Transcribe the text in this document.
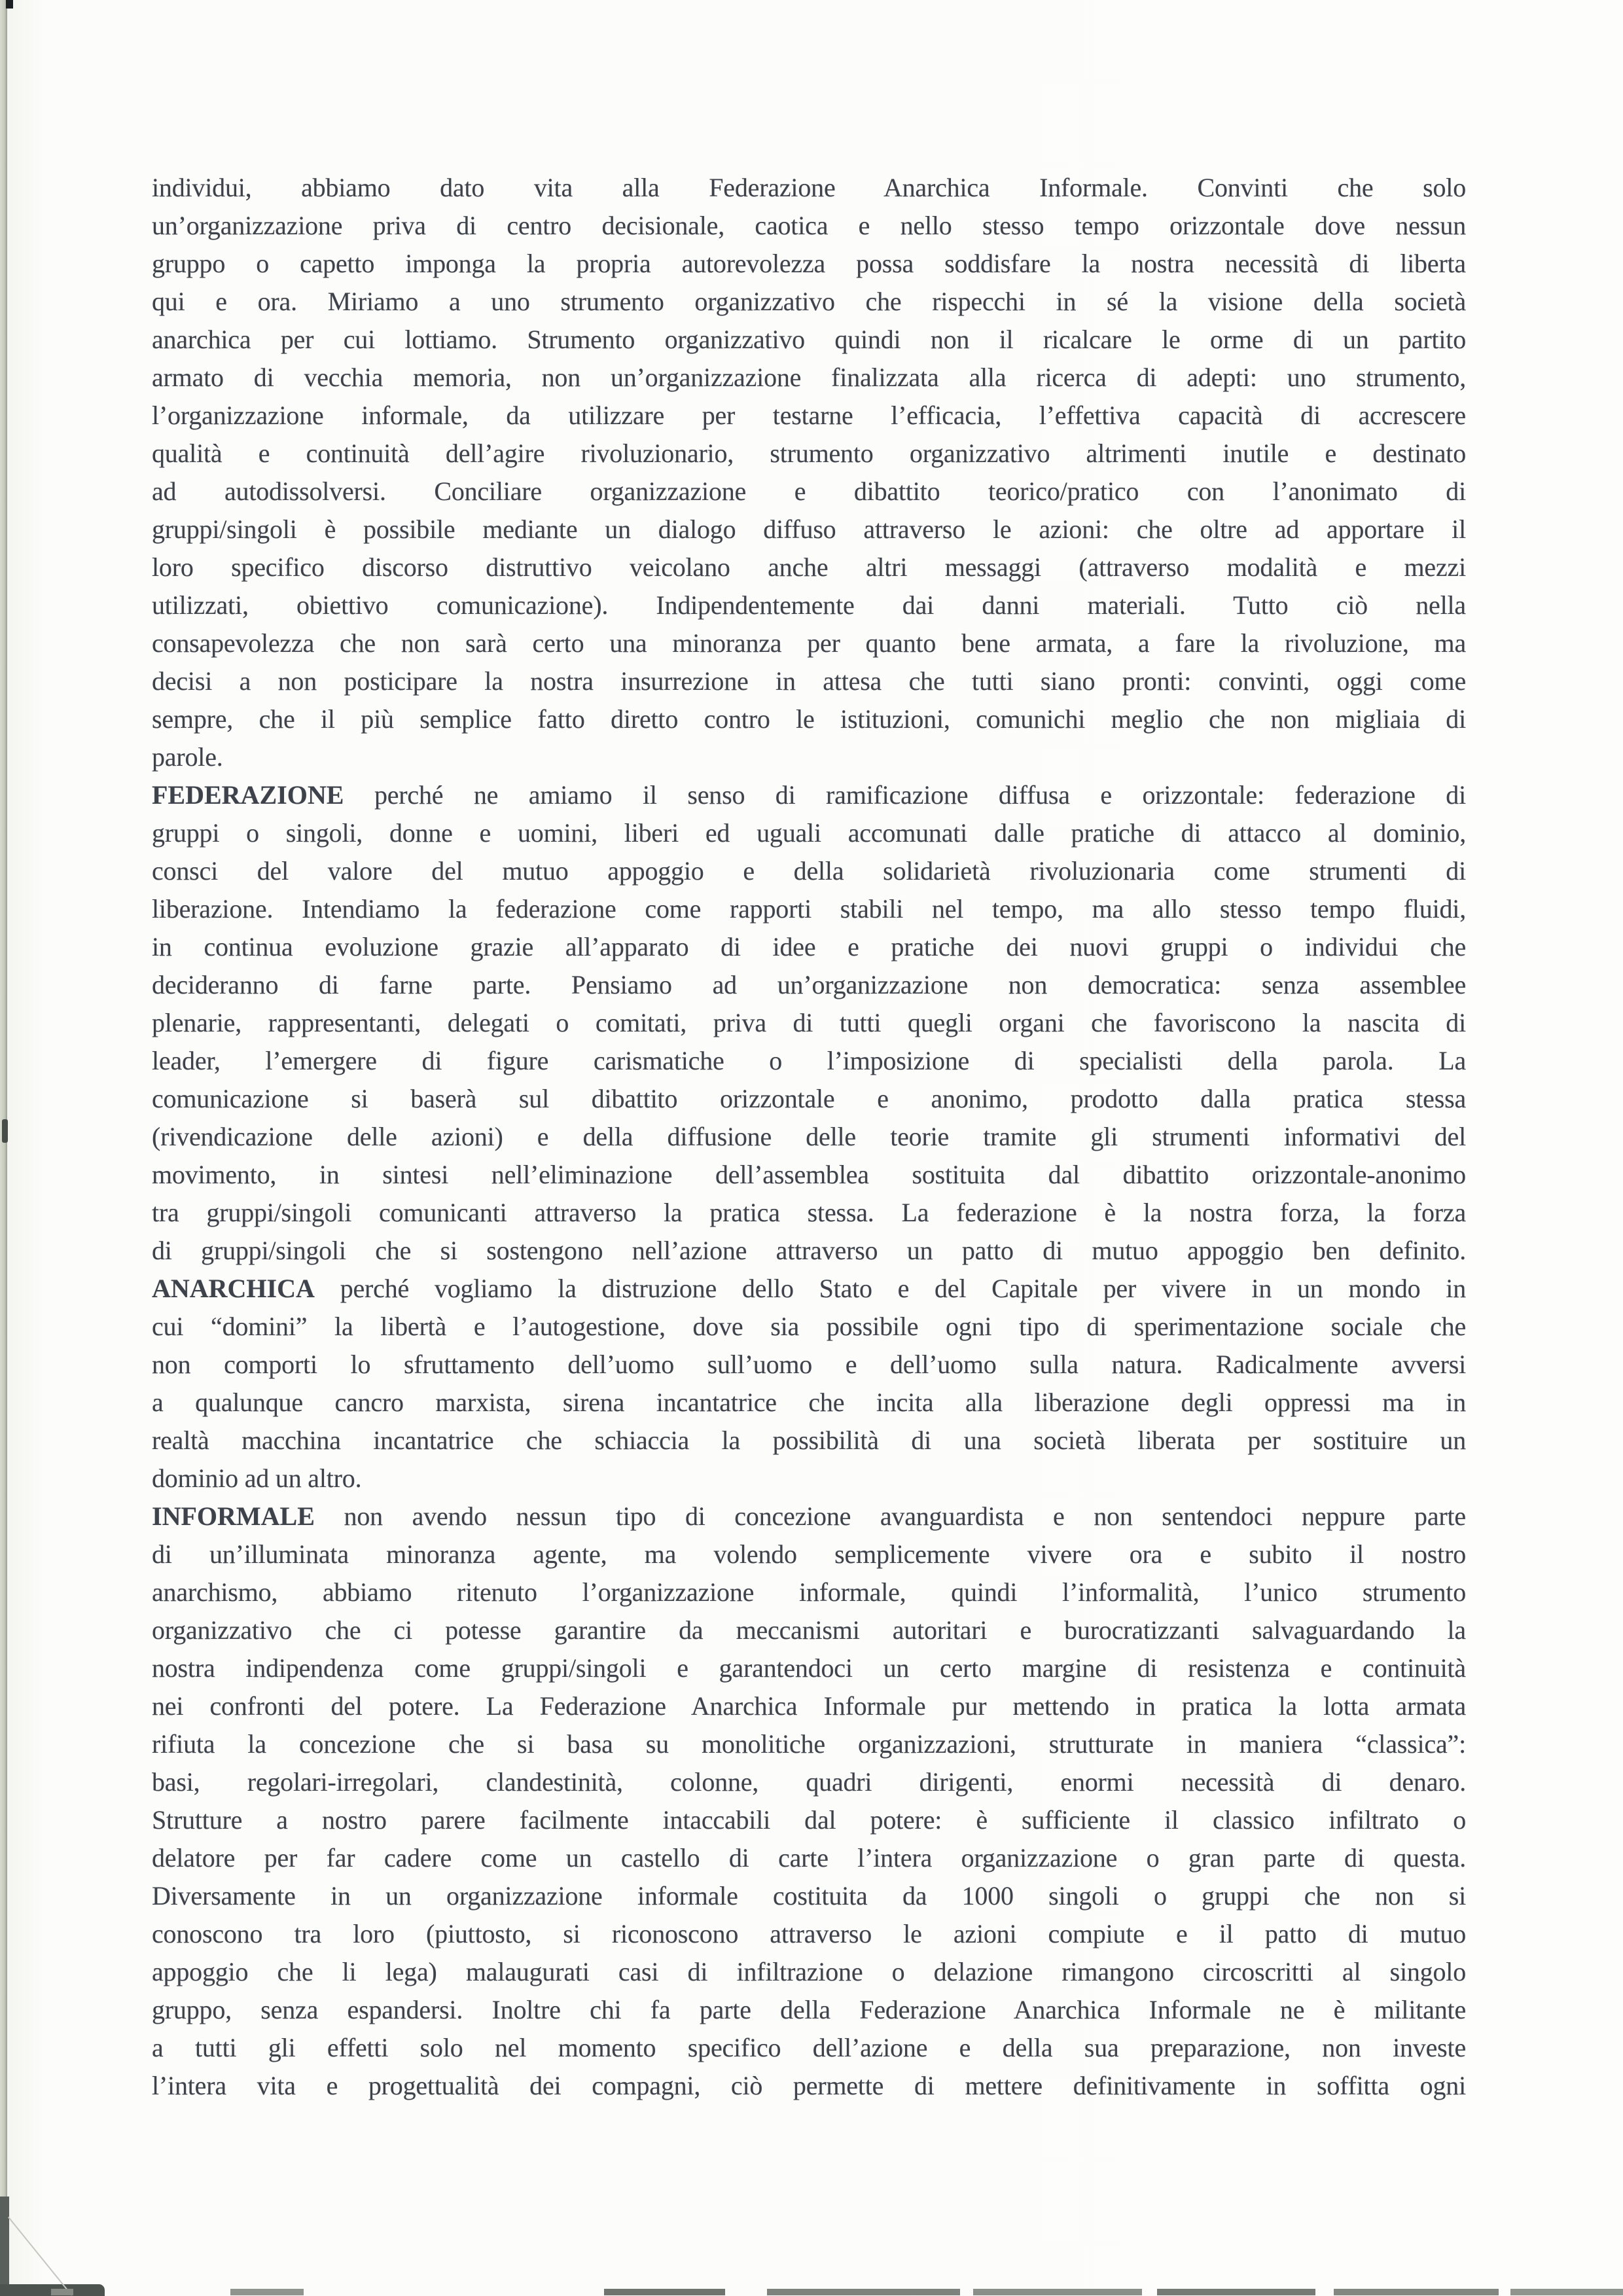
individui, abbiamo dato vita alla Federazione Anarchica Informale. Convinti che solo
un’organizzazione priva di centro decisionale, caotica e nello stesso tempo orizzontale dove nessun
gruppo o capetto imponga la propria autorevolezza possa soddisfare la nostra necessità di liberta
qui e ora. Miriamo a uno strumento organizzativo che rispecchi in sé la visione della società
anarchica per cui lottiamo. Strumento organizzativo quindi non il ricalcare le orme di un partito
armato di vecchia memoria, non un’organizzazione finalizzata alla ricerca di adepti: uno strumento,
l’organizzazione informale, da utilizzare per testarne l’efficacia, l’effettiva capacità di accrescere
qualità e continuità dell’agire rivoluzionario, strumento organizzativo altrimenti inutile e destinato
ad autodissolversi. Conciliare organizzazione e dibattito teorico/pratico con l’anonimato di
gruppi/singoli è possibile mediante un dialogo diffuso attraverso le azioni: che oltre ad apportare il
loro specifico discorso distruttivo veicolano anche altri messaggi (attraverso modalità e mezzi
utilizzati, obiettivo comunicazione). Indipendentemente dai danni materiali. Tutto ciò nella
consapevolezza che non sarà certo una minoranza per quanto bene armata, a fare la rivoluzione, ma
decisi a non posticipare la nostra insurrezione in attesa che tutti siano pronti: convinti, oggi come
sempre, che il più semplice fatto diretto contro le istituzioni, comunichi meglio che non migliaia di
parole.
FEDERAZIONE perché ne amiamo il senso di ramificazione diffusa e orizzontale: federazione di
gruppi o singoli, donne e uomini, liberi ed uguali accomunati dalle pratiche di attacco al dominio,
consci del valore del mutuo appoggio e della solidarietà rivoluzionaria come strumenti di
liberazione. Intendiamo la federazione come rapporti stabili nel tempo, ma allo stesso tempo fluidi,
in continua evoluzione grazie all’apparato di idee e pratiche dei nuovi gruppi o individui che
decideranno di farne parte. Pensiamo ad un’organizzazione non democratica: senza assemblee
plenarie, rappresentanti, delegati o comitati, priva di tutti quegli organi che favoriscono la nascita di
leader, l’emergere di figure carismatiche o l’imposizione di specialisti della parola. La
comunicazione si baserà sul dibattito orizzontale e anonimo, prodotto dalla pratica stessa
(rivendicazione delle azioni) e della diffusione delle teorie tramite gli strumenti informativi del
movimento, in sintesi nell’eliminazione dell’assemblea sostituita dal dibattito orizzontale-anonimo
tra gruppi/singoli comunicanti attraverso la pratica stessa. La federazione è la nostra forza, la forza
di gruppi/singoli che si sostengono nell’azione attraverso un patto di mutuo appoggio ben definito.
ANARCHICA perché vogliamo la distruzione dello Stato e del Capitale per vivere in un mondo in
cui “domini” la libertà e l’autogestione, dove sia possibile ogni tipo di sperimentazione sociale che
non comporti lo sfruttamento dell’uomo sull’uomo e dell’uomo sulla natura. Radicalmente avversi
a qualunque cancro marxista, sirena incantatrice che incita alla liberazione degli oppressi ma in
realtà macchina incantatrice che schiaccia la possibilità di una società liberata per sostituire un
dominio ad un altro.
INFORMALE non avendo nessun tipo di concezione avanguardista e non sentendoci neppure parte
di un’illuminata minoranza agente, ma volendo semplicemente vivere ora e subito il nostro
anarchismo, abbiamo ritenuto l’organizzazione informale, quindi l’informalità, l’unico strumento
organizzativo che ci potesse garantire da meccanismi autoritari e burocratizzanti salvaguardando la
nostra indipendenza come gruppi/singoli e garantendoci un certo margine di resistenza e continuità
nei confronti del potere. La Federazione Anarchica Informale pur mettendo in pratica la lotta armata
rifiuta la concezione che si basa su monolitiche organizzazioni, strutturate in maniera “classica”:
basi, regolari-irregolari, clandestinità, colonne, quadri dirigenti, enormi necessità di denaro.
Strutture a nostro parere facilmente intaccabili dal potere: è sufficiente il classico infiltrato o
delatore per far cadere come un castello di carte l’intera organizzazione o gran parte di questa.
Diversamente in un organizzazione informale costituita da 1000 singoli o gruppi che non si
conoscono tra loro (piuttosto, si riconoscono attraverso le azioni compiute e il patto di mutuo
appoggio che li lega) malaugurati casi di infiltrazione o delazione rimangono circoscritti al singolo
gruppo, senza espandersi. Inoltre chi fa parte della Federazione Anarchica Informale ne è militante
a tutti gli effetti solo nel momento specifico dell’azione e della sua preparazione, non investe
l’intera vita e progettualità dei compagni, ciò permette di mettere definitivamente in soffitta ogni
